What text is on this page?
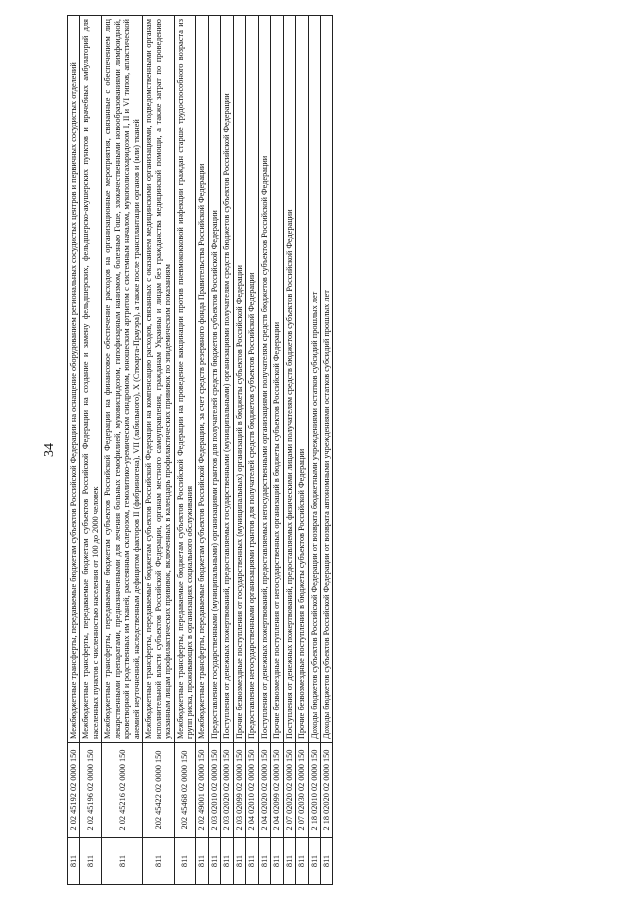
34
811	2 02 45192 02 0000 150	Межбюджетные трансферты, передаваемые бюджетам субъектов Российской Федерации на оснащение оборудованием региональных сосудистых центров и первичных сосудистых отделений
811	2 02 45196 02 0000 150	Межбюджетные трансферты, передаваемые бюджетам субъектов Российской Федерации на создание и замену фельдшерских, фельдшерско-акушерских пунктов и врачебных амбулаторий для населенных пунктов с численностью населения от 100 до 2000 человек
811	2 02 45216 02 0000 150	Межбюджетные трансферты, передаваемые бюджетам субъектов Российской Федерации на финансовое обеспечение расходов на организационные мероприятия, связанные с обеспечением лиц лекарственными препаратами, предназначенными для лечения больных гемофилией, муковисцидозом, гипофизарным нанизмом, болезнью Гоше, злокачественными новообразованиями лимфоидной, кроветворной и родственных им тканей, рассеянным склерозом, гемолитико-уремическим синдромом, юношеским артритом с системным началом, мукополисахаридозом I, II и VI типов, апластической анемией неуточненной, наследственным дефицитом факторов II (фибриногена), VII (лабильного), X (Стюарта-Прауэра), а также после трансплантации органов и (или) тканей
811	202 45422 02 0000 150	Межбюджетные трансферты, передаваемые бюджетам субъектов Российской Федерации на компенсацию расходов, связанных с оказанием медицинскими организациями, подведомственными органам исполнительной власти субъектов Российской Федерации, органам местного самоуправления, гражданам Украины и лицам без гражданства медицинской помощи, а также затрат по проведению указанным лицам профилактических прививок, включенных в календарь профилактических прививок по эпидемическим показаниям
811	202 45468 02 0000 150	Межбюджетные трансферты, передаваемые бюджетам субъектов Российской Федерации на проведение вакцинации против пневмококковой инфекции граждан старше трудоспособного возраста из групп риска, проживающих в организациях социального обслуживания
811	2 02 49001 02 0000 150	Межбюджетные трансферты, передаваемые бюджетам субъектов Российской Федерации, за счет средств резервного фонда Правительства Российской Федерации
811	2 03 02010 02 0000 150	Предоставление государственными (муниципальными) организациями грантов для получателей средств бюджетов субъектов Российской Федерации
811	2 03 02020 02 0000 150	Поступления от денежных пожертвований, предоставляемых государственными (муниципальными) организациями получателям средств бюджетов субъектов Российской Федерации
811	2 03 02099 02 0000 150	Прочие безвозмездные поступления от государственных (муниципальных) организаций в бюджеты субъектов Российской Федерации
811	2 04 02010 02 0000 150	Предоставление негосударственными организациями грантов для получателей средств бюджетов субъектов Российской Федерации
811	2 04 02020 02 0000 150	Поступления от денежных пожертвований, предоставляемых негосударственными организациями получателям средств бюджетов субъектов Российской Федерации
811	2 04 02099 02 0000 150	Прочие безвозмездные поступления от негосударственных организаций в бюджеты субъектов Российской Федерации
811	2 07 02020 02 0000 150	Поступления от денежных пожертвований, предоставляемых физическими лицами получателям средств бюджетов субъектов Российской Федерации
811	2 07 02030 02 0000 150	Прочие безвозмездные поступления в бюджеты субъектов Российской Федерации
811	2 18 02010 02 0000 150	Доходы бюджетов субъектов Российской Федерации от возврата бюджетными учреждениями остатков субсидий прошлых лет
811	2 18 02020 02 0000 150	Доходы бюджетов субъектов Российской Федерации от возврата автономными учреждениями остатков субсидий прошлых лет
